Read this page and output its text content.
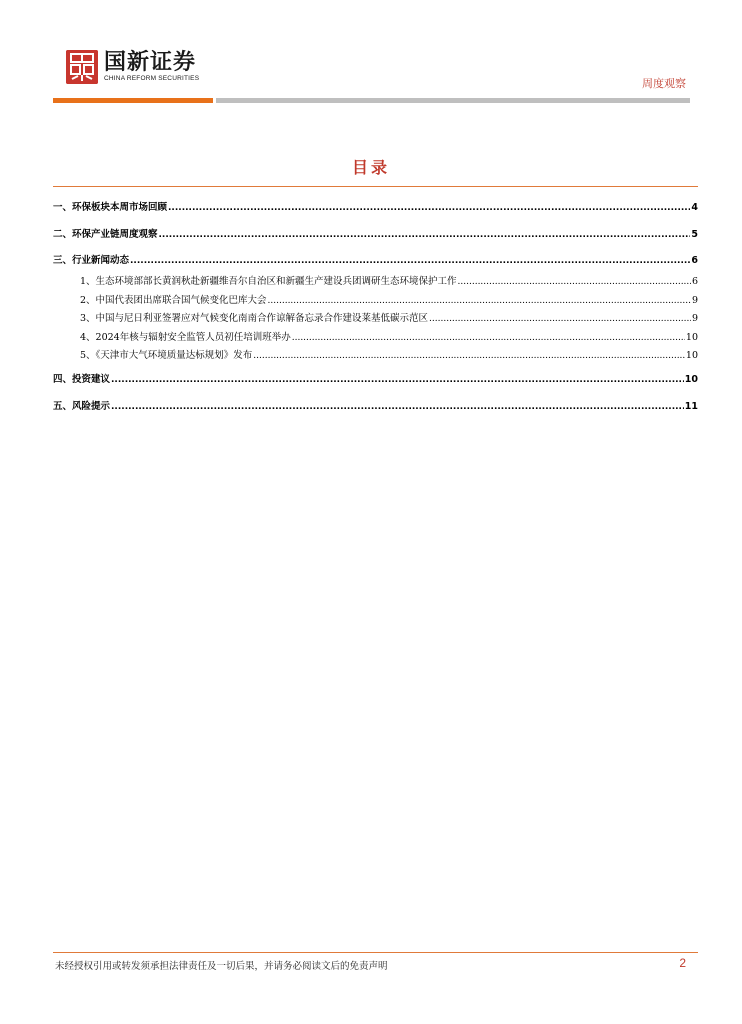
国新证券
CHINA REFORM SECURITIES	周度观察
目录
一、环保板块本周市场回顾 .....	4
二、环保产业链周度观察 .....	5
三、行业新闻动态 .....	6
1、生态环境部部长黄润秋赴新疆维吾尔自治区和新疆生产建设兵团调研生态环境保护工作 .....	6
2、中国代表团出席联合国气候变化巴库大会 .....	9
3、中国与尼日利亚签署应对气候变化南南合作谅解备忘录合作建设莱基低碳示范区 .....	9
4、2024年核与辐射安全监管人员初任培训班举办 .....	10
5、《天津市大气环境质量达标规划》发布 .....	10
四、投资建议 .....	10
五、风险提示 .....	11
未经授权引用或转发须承担法律责任及一切后果，并请务必阅读文后的免责声明	2
